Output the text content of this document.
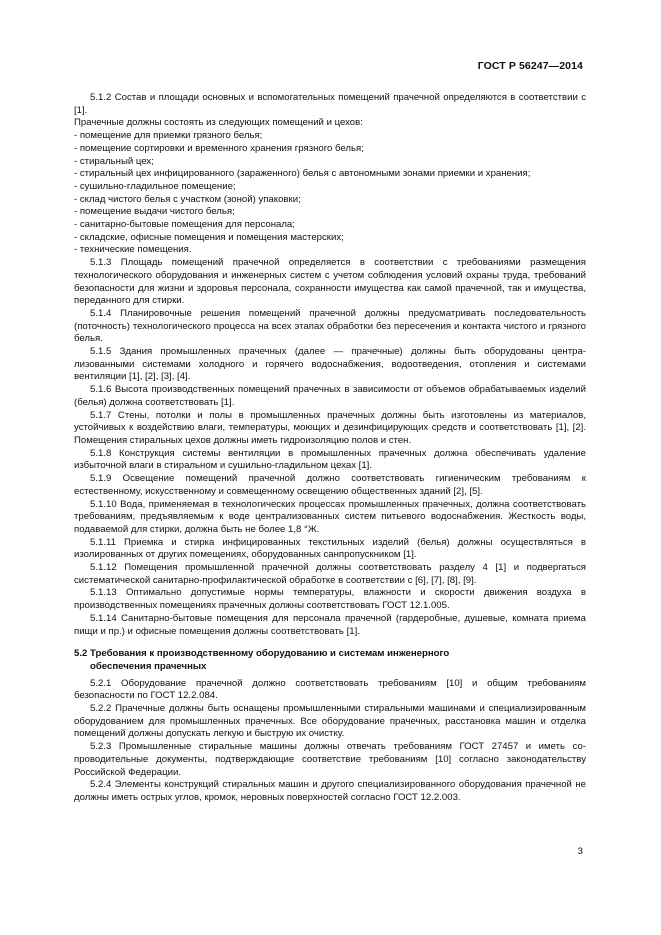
ГОСТ Р 56247—2014

5.1.2 Состав и площади основных и вспомогательных помещений прачечной определяются в соответствии с [1].

Прачечные должны состоять из следующих помещений и цехов:

- помещение для приемки грязного белья;

- помещение сортировки и временного хранения грязного белья;

- стиральный цех;

- стиральный цех инфицированного (зараженного) белья с автономными зонами приемки и хранения;

- сушильно-гладильное помещение;

- склад чистого белья с участком (зоной) упаковки;

- помещение выдачи чистого белья;

- санитарно-бытовые помещения для персонала;

- складские, офисные помещения и помещения мастерских;

- технические помещения.

5.1.3 Площадь помещений прачечной определяется в соответствии с требованиями размещения технологического оборудования и инженерных систем с учетом соблюдения условий охраны труда, требований безопасности для жизни и здоровья персонала, сохранности имущества как самой прачечной, так и имущества, переданного для стирки.

5.1.4 Планировочные решения помещений прачечной должны предусматривать последовательность (поточность) технологического процесса на всех этапах обработки без пересечения и контакта чистого и грязного белья.

5.1.5 Здания промышленных прачечных (далее — прачечные) должны быть оборудованы централизованными системами холодного и горячего водоснабжения, водоотведения, отопления и системами вентиляции [1], [2], [3], [4].

5.1.6 Высота производственных помещений прачечных в зависимости от объемов обрабатываемых изделий (белья) должна соответствовать [1].

5.1.7 Стены, потолки и полы в промышленных прачечных должны быть изготовлены из материалов, устойчивых к воздействию влаги, температуры, моющих и дезинфицирующих средств и соответствовать [1], [2]. Помещения стиральных цехов должны иметь гидроизоляцию полов и стен.

5.1.8 Конструкция системы вентиляции в промышленных прачечных должна обеспечивать удаление избыточной влаги в стиральном и сушильно-гладильном цехах [1].

5.1.9 Освещение помещений прачечной должно соответствовать гигиеническим требованиям к естественному, искусственному и совмещенному освещению общественных зданий [2], [5].

5.1.10 Вода, применяемая в технологических процессах промышленных прачечных, должна соответствовать требованиям, предъявляемым к воде централизованных систем питьевого водоснабжения. Жесткость воды, подаваемой для стирки, должна быть не более 1,8 °Ж.

5.1.11 Приемка и стирка инфицированных текстильных изделий (белья) должны осуществляться в изолированных от других помещениях, оборудованных санпропускником [1].

5.1.12 Помещения промышленной прачечной должны соответствовать разделу 4 [1] и подвергаться систематической санитарно-профилактической обработке в соответствии с [6], [7], [8], [9].

5.1.13 Оптимально допустимые нормы температуры, влажности и скорости движения воздуха в производственных помещениях прачечных должны соответствовать ГОСТ 12.1.005.

5.1.14 Санитарно-бытовые помещения для персонала прачечной (гардеробные, душевые, комната приема пищи и пр.) и офисные помещения должны соответствовать [1].

5.2 Требования к производственному оборудованию и системам инженерного
обеспечения прачечных

5.2.1 Оборудование прачечной должно соответствовать требованиям [10] и общим требованиям безопасности по ГОСТ 12.2.084.

5.2.2 Прачечные должны быть оснащены промышленными стиральными машинами и специализированным оборудованием для промышленных прачечных. Все оборудование прачечных, расстановка машин и отделка помещений должны допускать легкую и быструю их очистку.

5.2.3 Промышленные стиральные машины должны отвечать требованиям ГОСТ 27457 и иметь сопроводительные документы, подтверждающие соответствие требованиям [10] согласно законодательству Российской Федерации.

5.2.4 Элементы конструкций стиральных машин и другого специализированного оборудования прачечной не должны иметь острых углов, кромок, неровных поверхностей согласно ГОСТ 12.2.003.

3
